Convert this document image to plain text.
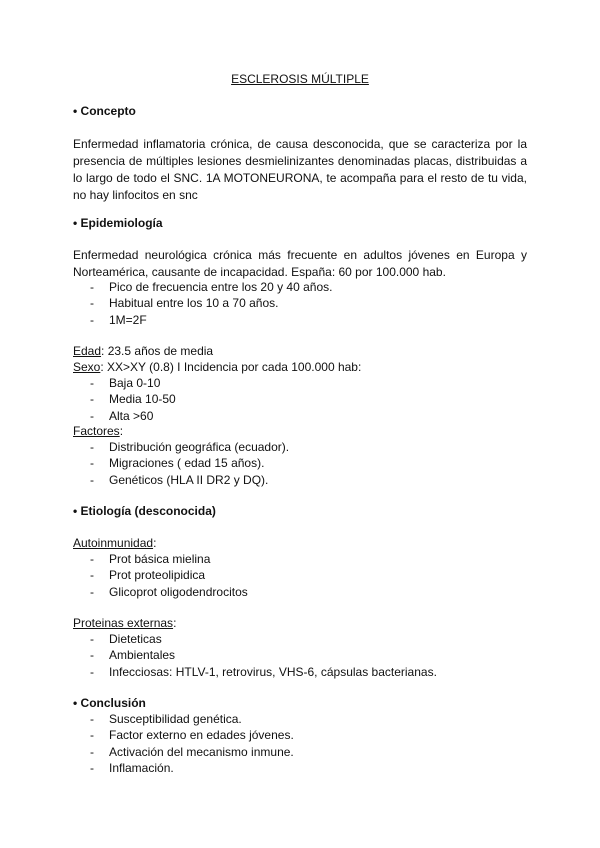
ESCLEROSIS MÚLTIPLE
• Concepto
Enfermedad inflamatoria crónica, de causa desconocida, que se caracteriza por la presencia de múltiples lesiones desmielinizantes denominadas placas, distribuidas a lo largo de todo el SNC. 1A MOTONEURONA, te acompaña para el resto de tu vida, no hay linfocitos en snc
• Epidemiología
Enfermedad neurológica crónica más frecuente en adultos jóvenes en Europa y Norteamérica, causante de incapacidad. España: 60 por 100.000 hab.
- Pico de frecuencia entre los 20 y 40 años.
- Habitual entre los 10 a 70 años.
- 1M=2F
Edad: 23.5 años de media
Sexo: XX>XY (0.8) I Incidencia por cada 100.000 hab:
- Baja 0-10
- Media 10-50
- Alta >60
Factores:
- Distribución geográfica (ecuador).
- Migraciones ( edad 15 años).
- Genéticos (HLA II DR2 y DQ).
• Etiología (desconocida)
Autoinmunidad:
- Prot básica mielina
- Prot proteolipidica
- Glicoprot oligodendrocitos
Proteinas externas:
- Dieteticas
- Ambientales
- Infecciosas: HTLV-1, retrovirus, VHS-6, cápsulas bacterianas.
• Conclusión
- Susceptibilidad genética.
- Factor externo en edades jóvenes.
- Activación del mecanismo inmune.
- Inflamación.
